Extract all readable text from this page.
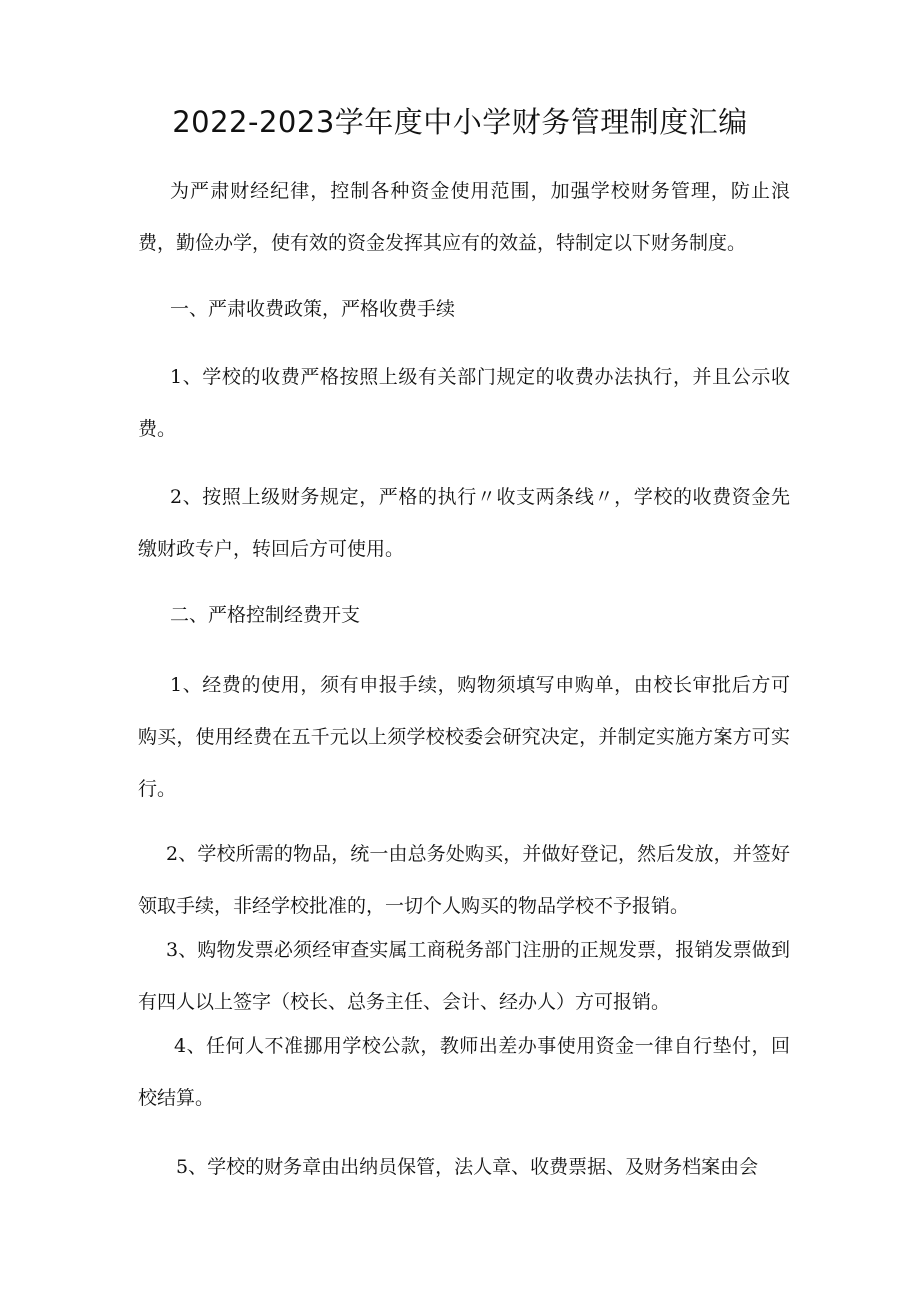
2022-2023学年度中小学财务管理制度汇编

为严肃财经纪律，控制各种资金使用范围，加强学校财务管理，防止浪费，勤俭办学，使有效的资金发挥其应有的效益，特制定以下财务制度。

一、严肃收费政策，严格收费手续

1、学校的收费严格按照上级有关部门规定的收费办法执行，并且公示收费。

2、按照上级财务规定，严格的执行〃收支两条线〃，学校的收费资金先缴财政专户，转回后方可使用。

二、严格控制经费开支

1、经费的使用，须有申报手续，购物须填写申购单，由校长审批后方可购买，使用经费在五千元以上须学校校委会研究决定，并制定实施方案方可实行。

2、学校所需的物品，统一由总务处购买，并做好登记，然后发放，并签好领取手续，非经学校批准的，一切个人购买的物品学校不予报销。

3、购物发票必须经审查实属工商税务部门注册的正规发票，报销发票做到有四人以上签字（校长、总务主任、会计、经办人）方可报销。

4、任何人不准挪用学校公款，教师出差办事使用资金一律自行垫付，回校结算。

5、学校的财务章由出纳员保管，法人章、收费票据、及财务档案由会
